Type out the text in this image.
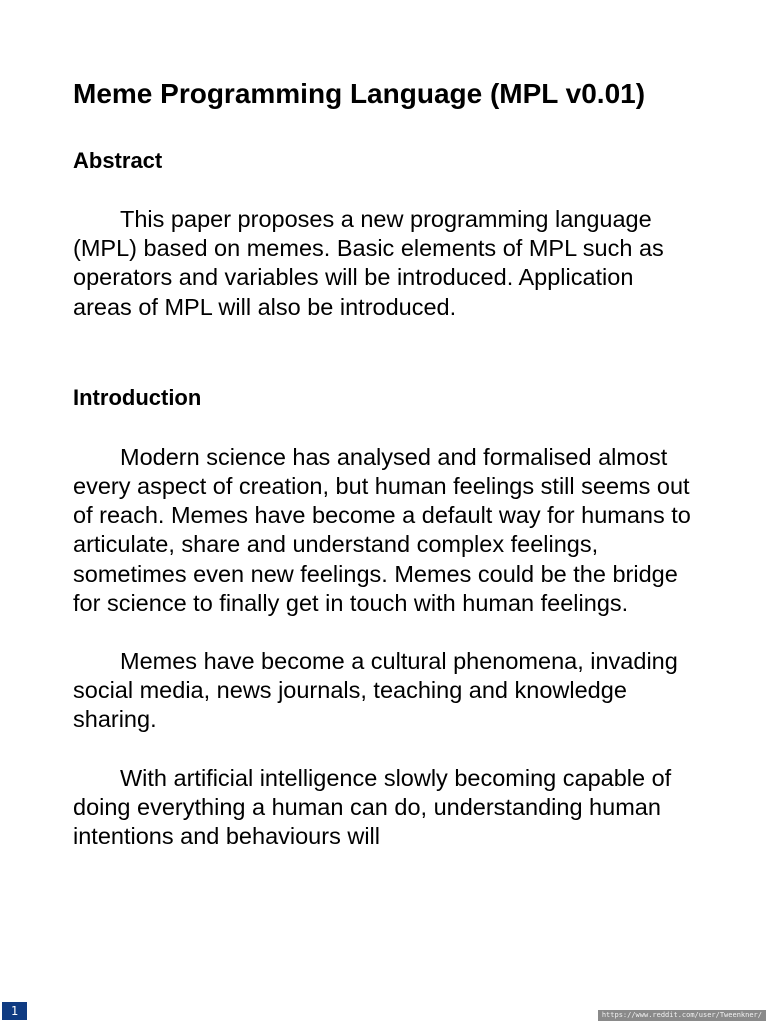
Meme Programming Language (MPL v0.01)
Abstract

This paper proposes a new programming language (MPL) based on memes. Basic elements of MPL such as operators and variables will be introduced. Application areas of MPL will also be introduced.

Introduction

Modern science has analysed and formalised almost every aspect of creation, but human feelings still seems out of reach. Memes have become a default way for humans to articulate, share and understand complex feelings, sometimes even new feelings. Memes could be the bridge for science to finally get in touch with human feelings.

Memes have become a cultural phenomena, invading social media, news journals, teaching and knowledge sharing.

With artificial intelligence slowly becoming capable of doing everything a human can do, understanding human intentions and behaviours will

1	https://www.reddit.com/user/Tweenkner/
